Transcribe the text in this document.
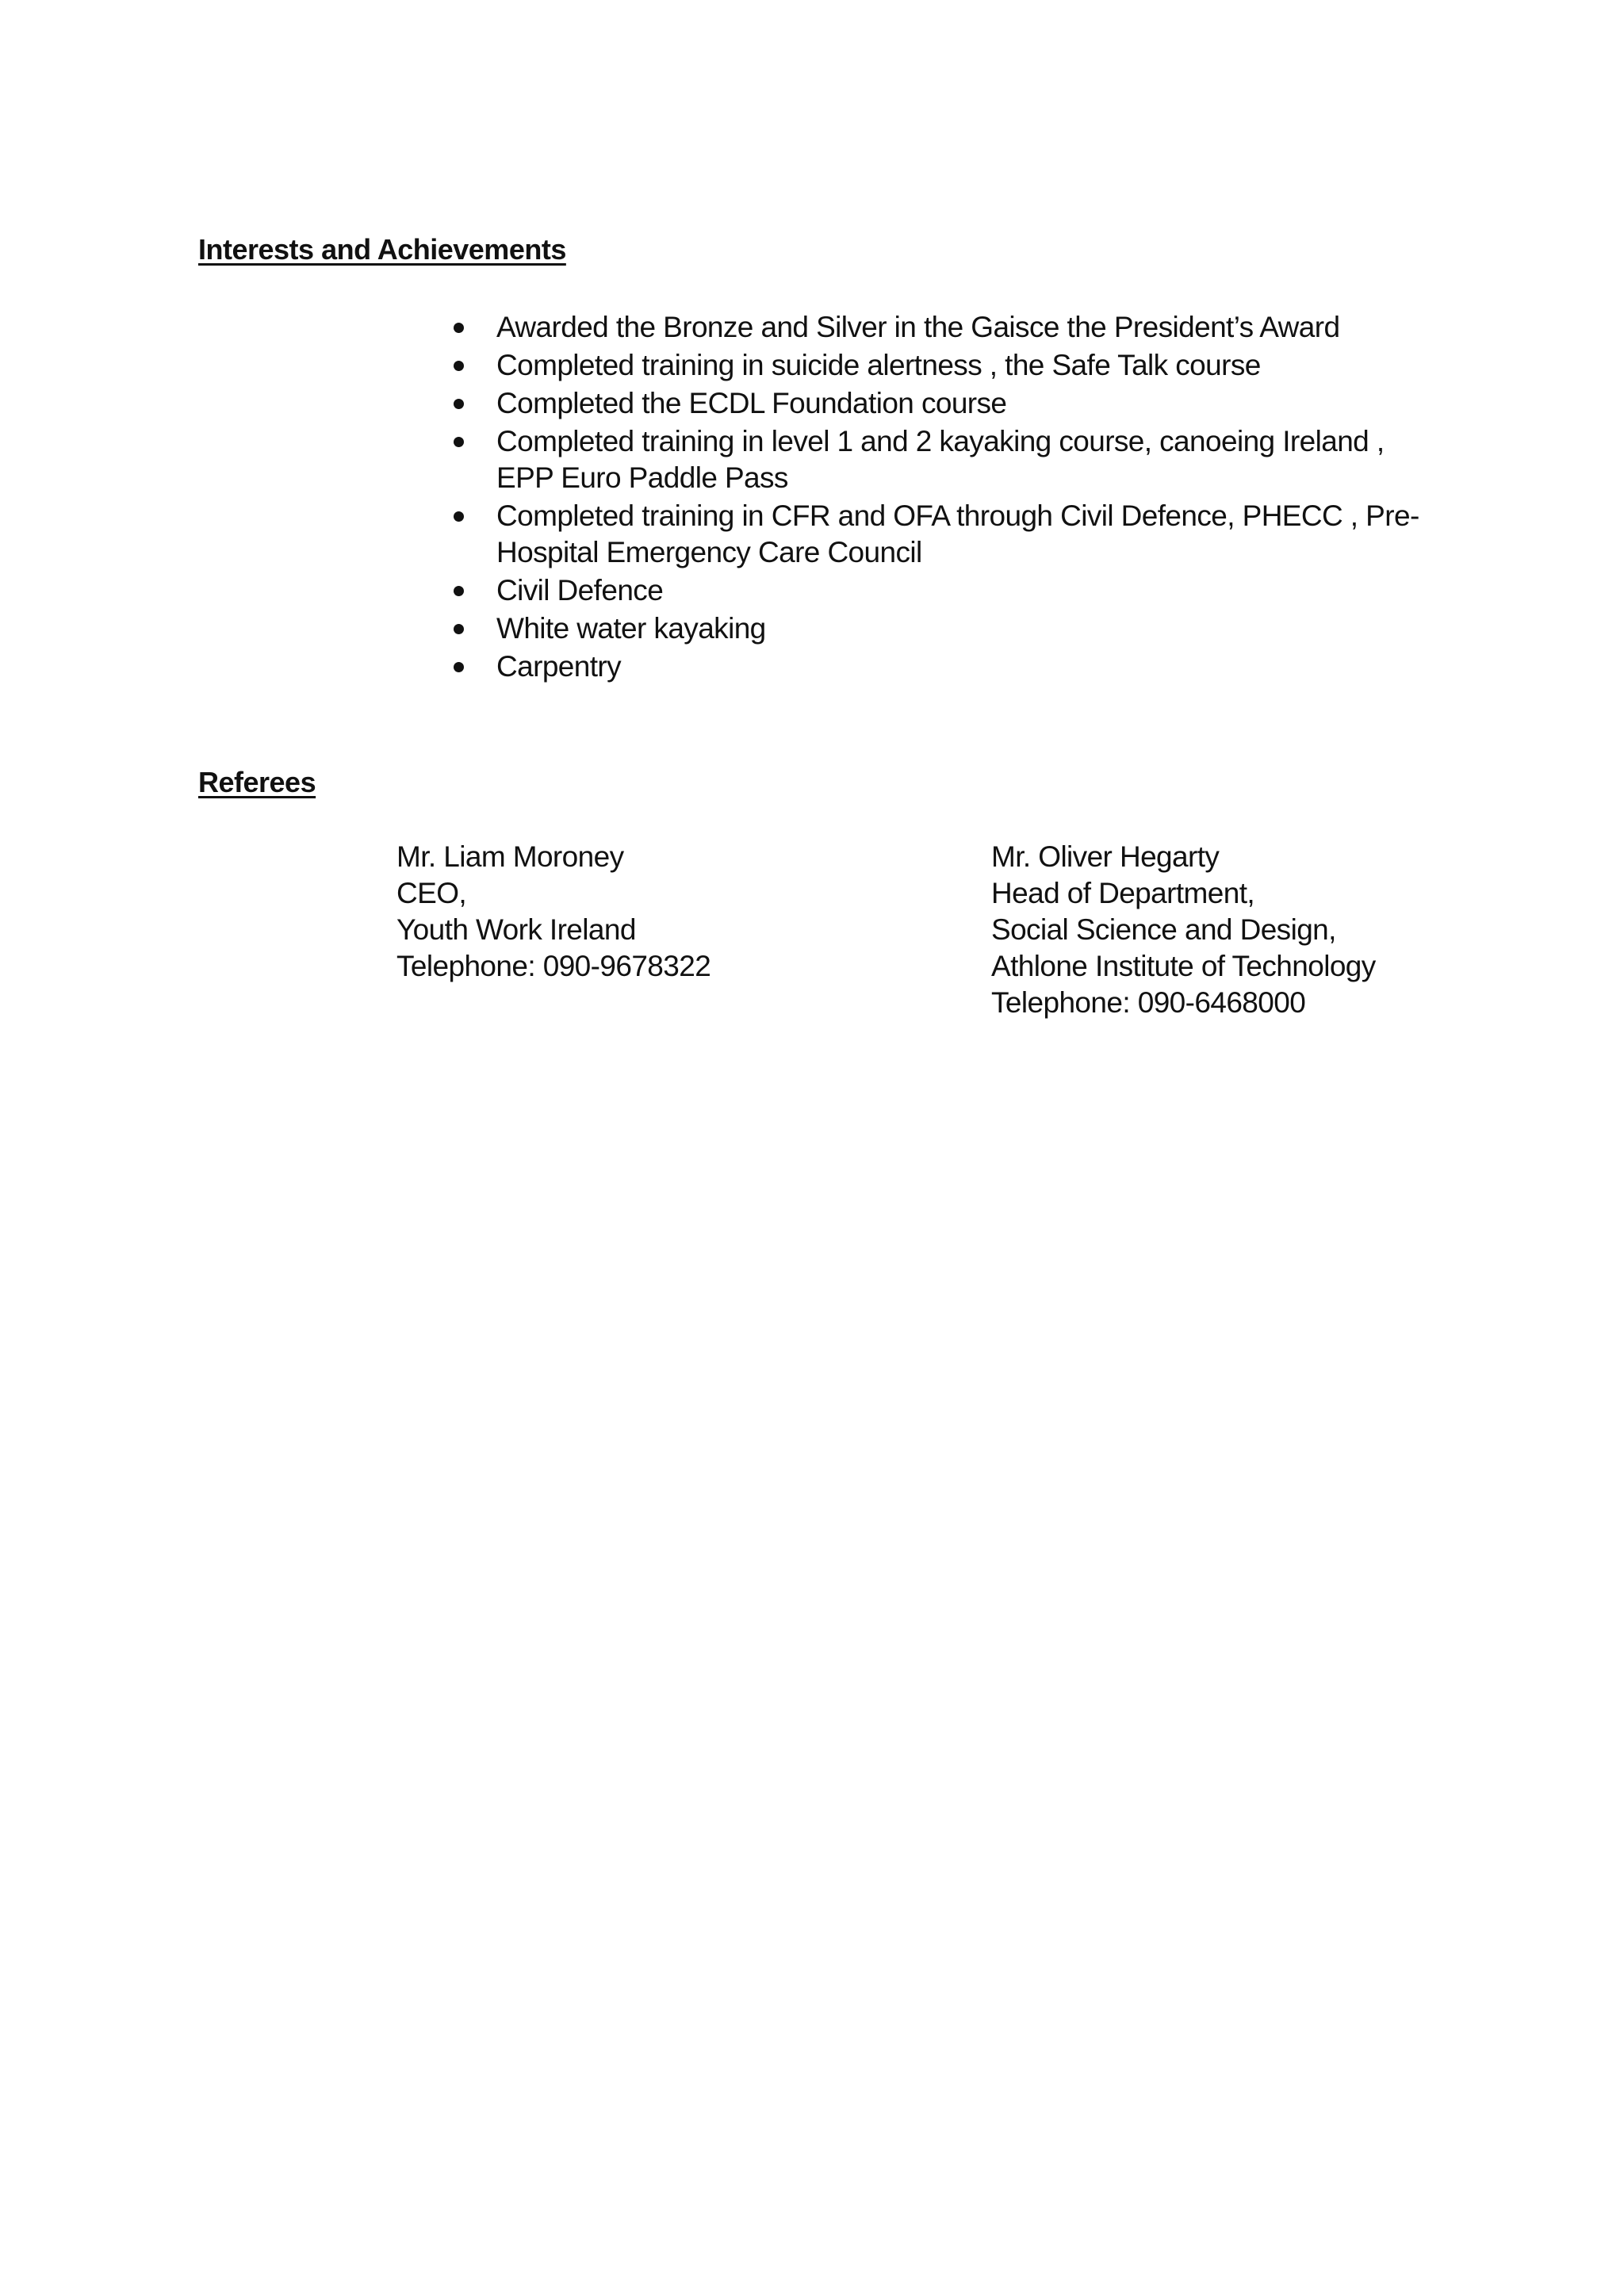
Interests and Achievements
Awarded the Bronze and Silver in the Gaisce the President’s Award
Completed training in suicide alertness , the Safe Talk course
Completed the ECDL Foundation course
Completed training in level 1 and 2 kayaking course, canoeing Ireland , EPP Euro Paddle Pass
Completed training in CFR and OFA through Civil Defence, PHECC , Pre-Hospital Emergency Care Council
Civil Defence
White water kayaking
Carpentry
Referees
Mr. Liam Moroney
CEO,
Youth Work Ireland
Telephone: 090-9678322
Mr. Oliver Hegarty
Head of Department,
Social Science and Design,
Athlone Institute of Technology
Telephone: 090-6468000
